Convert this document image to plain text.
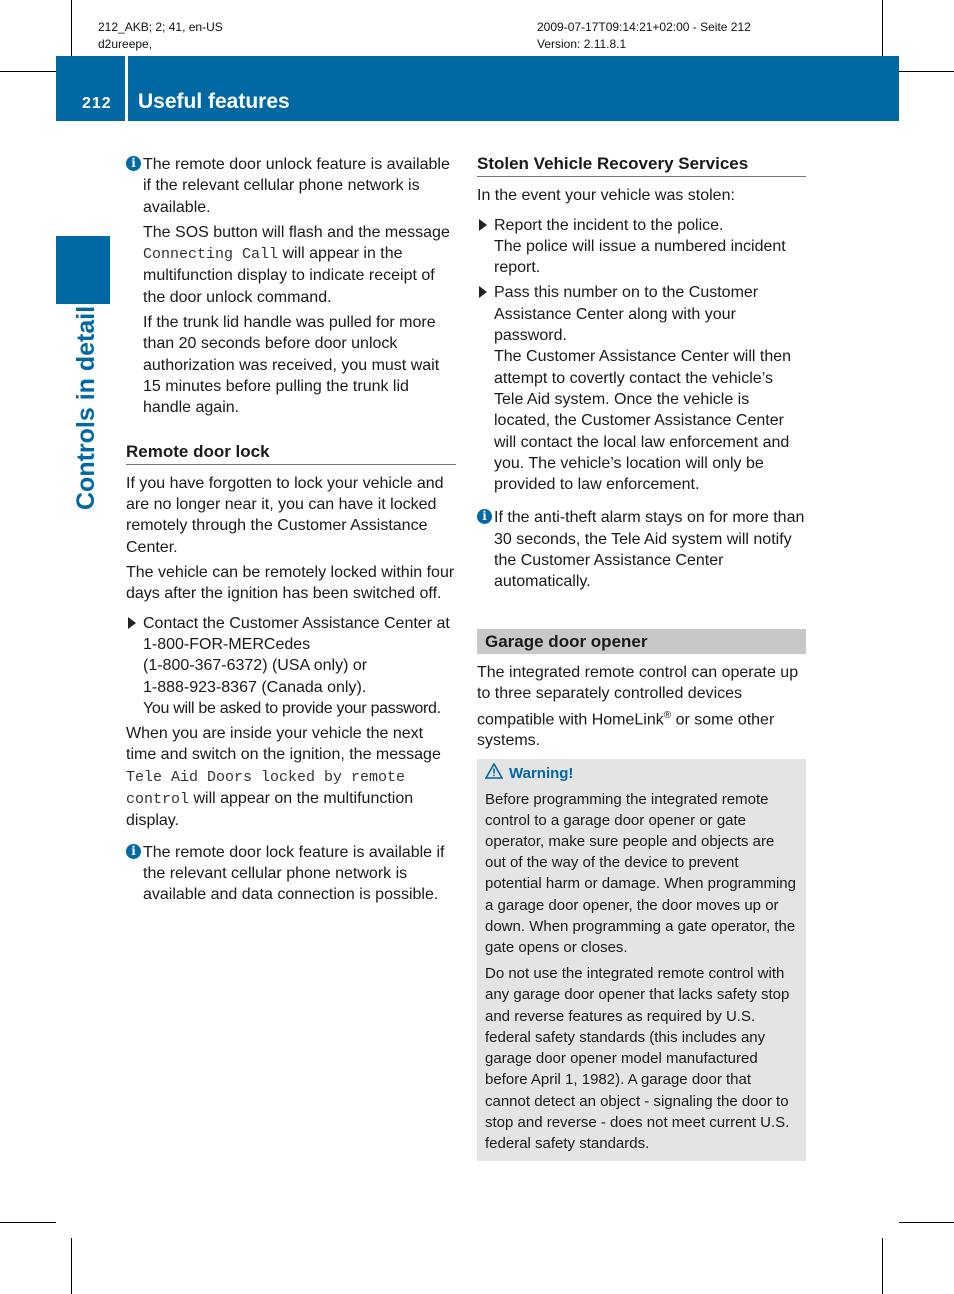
212_AKB; 2; 41, en-US
d2ureepe,
2009-07-17T09:14:21+02:00 - Seite 212
Version: 2.11.8.1
212 Useful features
Controls in detail
i The remote door unlock feature is available if the relevant cellular phone network is available.

The SOS button will flash and the message Connecting Call will appear in the multifunction display to indicate receipt of the door unlock command.

If the trunk lid handle was pulled for more than 20 seconds before door unlock authorization was received, you must wait 15 minutes before pulling the trunk lid handle again.

Remote door lock

If you have forgotten to lock your vehicle and are no longer near it, you can have it locked remotely through the Customer Assistance Center.

The vehicle can be remotely locked within four days after the ignition has been switched off.

Contact the Customer Assistance Center at 1-800-FOR-MERCedes
(1-800-367-6372) (USA only) or
1-888-923-8367 (Canada only).
You will be asked to provide your password.

When you are inside your vehicle the next time and switch on the ignition, the message Tele Aid Doors locked by remote control will appear on the multifunction display.

i The remote door lock feature is available if the relevant cellular phone network is available and data connection is possible.

Stolen Vehicle Recovery Services

In the event your vehicle was stolen:

Report the incident to the police.
The police will issue a numbered incident report.
Pass this number on to the Customer Assistance Center along with your password.
The Customer Assistance Center will then attempt to covertly contact the vehicle’s Tele Aid system. Once the vehicle is located, the Customer Assistance Center will contact the local law enforcement and you. The vehicle’s location will only be provided to law enforcement.
i If the anti-theft alarm stays on for more than 30 seconds, the Tele Aid system will notify the Customer Assistance Center automatically.

Garage door opener

The integrated remote control can operate up to three separately controlled devices compatible with HomeLink® or some other systems.

Warning!

Before programming the integrated remote control to a garage door opener or gate operator, make sure people and objects are out of the way of the device to prevent potential harm or damage. When programming a garage door opener, the door moves up or down. When programming a gate operator, the gate opens or closes.

Do not use the integrated remote control with any garage door opener that lacks safety stop and reverse features as required by U.S. federal safety standards (this includes any garage door opener model manufactured before April 1, 1982). A garage door that cannot detect an object - signaling the door to stop and reverse - does not meet current U.S. federal safety standards.
